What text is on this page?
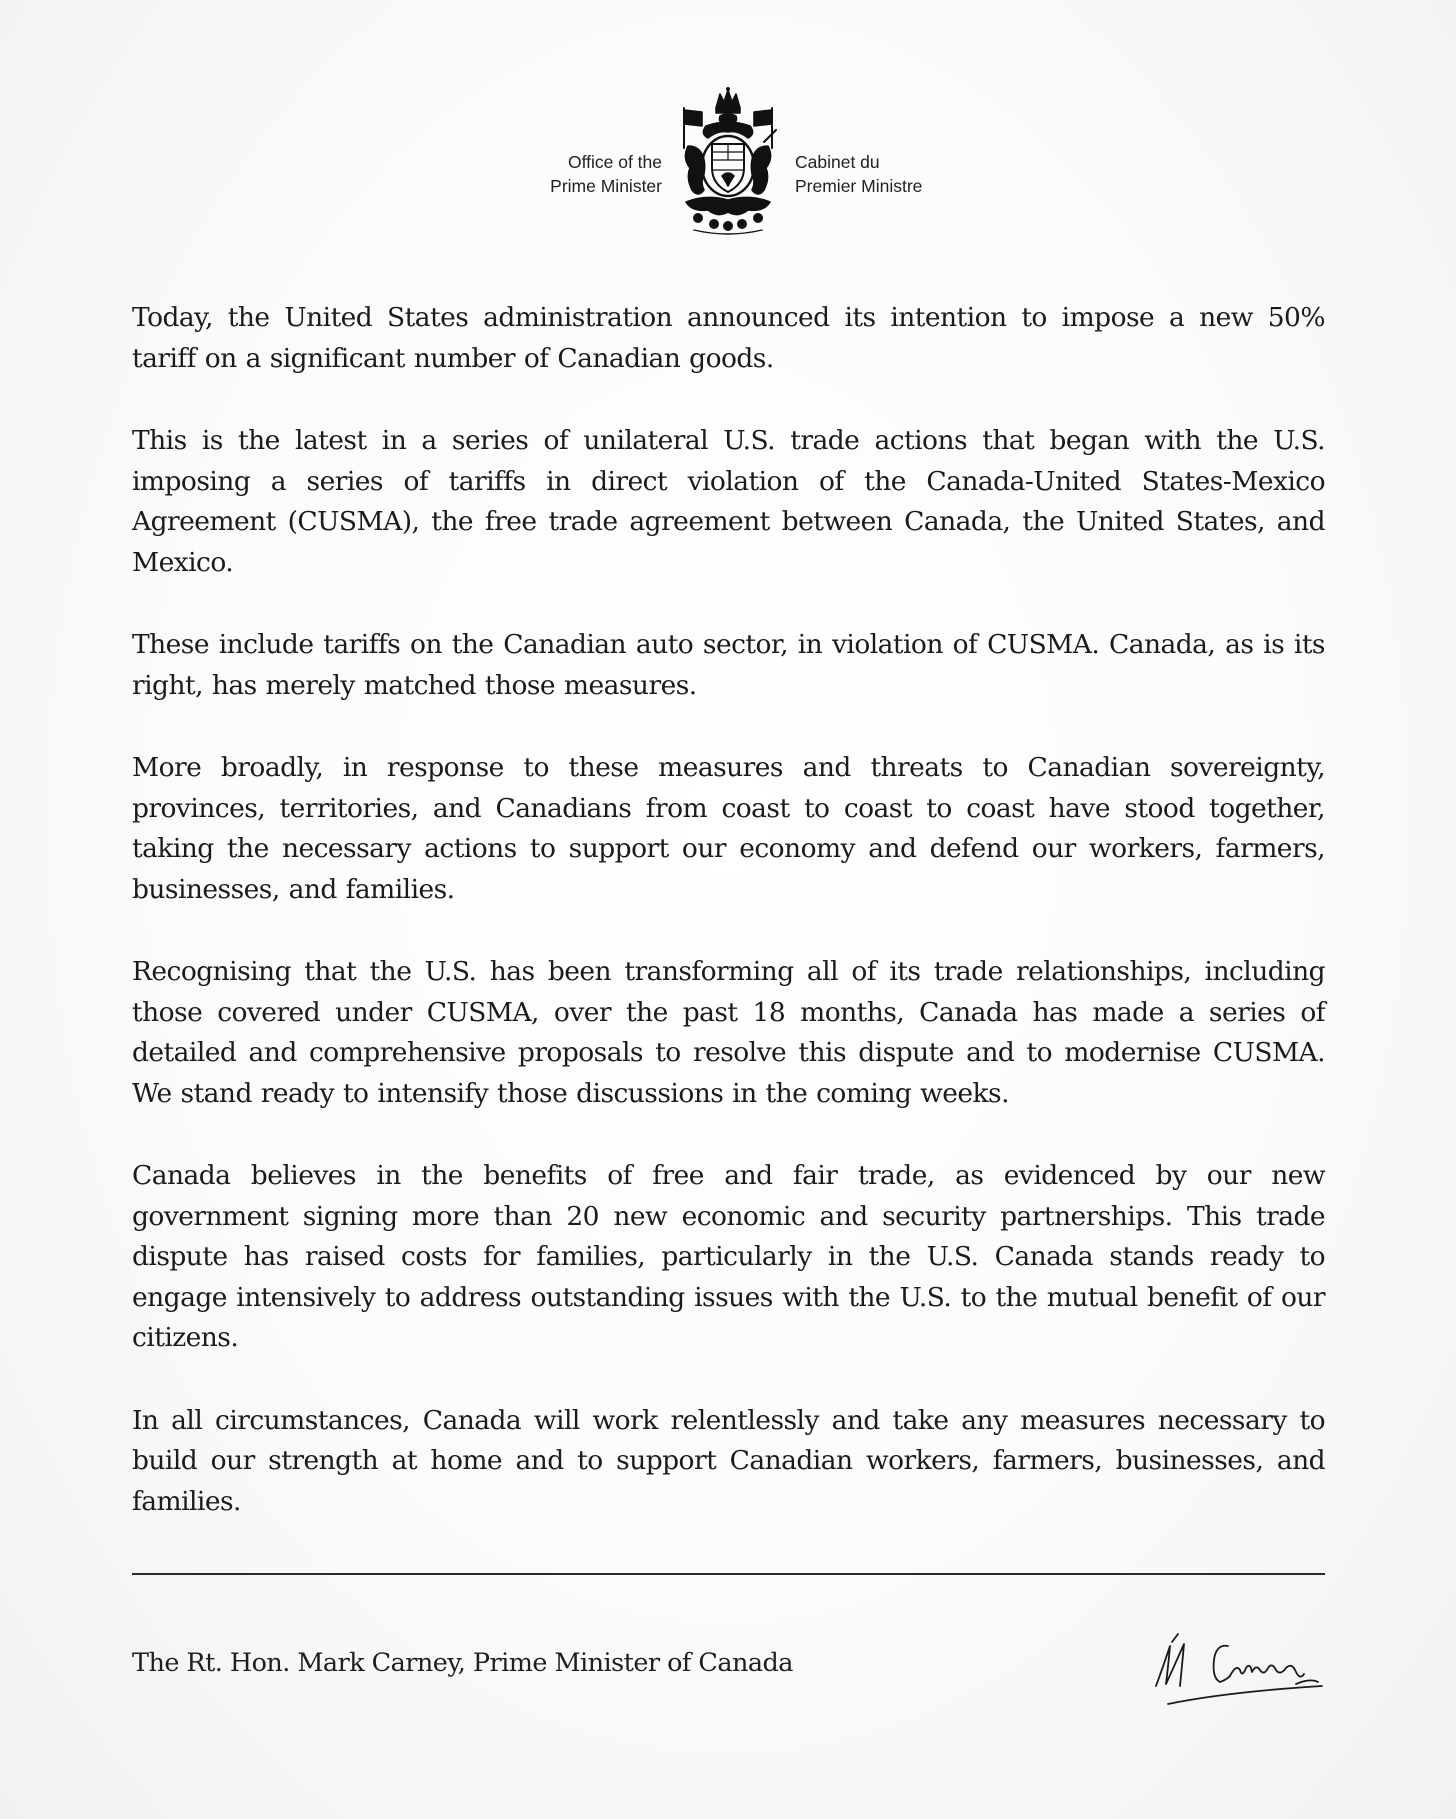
Office of the
Prime Minister
Cabinet du
Premier Ministre

Today, the United States administration announced its intention to impose a new 50% tariff on a significant number of Canadian goods.

This is the latest in a series of unilateral U.S. trade actions that began with the U.S. imposing a series of tariffs in direct violation of the Canada-United States-Mexico Agreement (CUSMA), the free trade agreement between Canada, the United States, and Mexico.

These include tariffs on the Canadian auto sector, in violation of CUSMA. Canada, as is its right, has merely matched those measures.

More broadly, in response to these measures and threats to Canadian sovereignty, provinces, territories, and Canadians from coast to coast to coast have stood together, taking the necessary actions to support our economy and defend our workers, farmers, businesses, and families.

Recognising that the U.S. has been transforming all of its trade relationships, including those covered under CUSMA, over the past 18 months, Canada has made a series of detailed and comprehensive proposals to resolve this dispute and to modernise CUSMA. We stand ready to intensify those discussions in the coming weeks.

Canada believes in the benefits of free and fair trade, as evidenced by our new government signing more than 20 new economic and security partnerships. This trade dispute has raised costs for families, particularly in the U.S. Canada stands ready to engage intensively to address outstanding issues with the U.S. to the mutual benefit of our citizens.

In all circumstances, Canada will work relentlessly and take any measures necessary to build our strength at home and to support Canadian workers, farmers, businesses, and families.

The Rt. Hon. Mark Carney, Prime Minister of Canada
